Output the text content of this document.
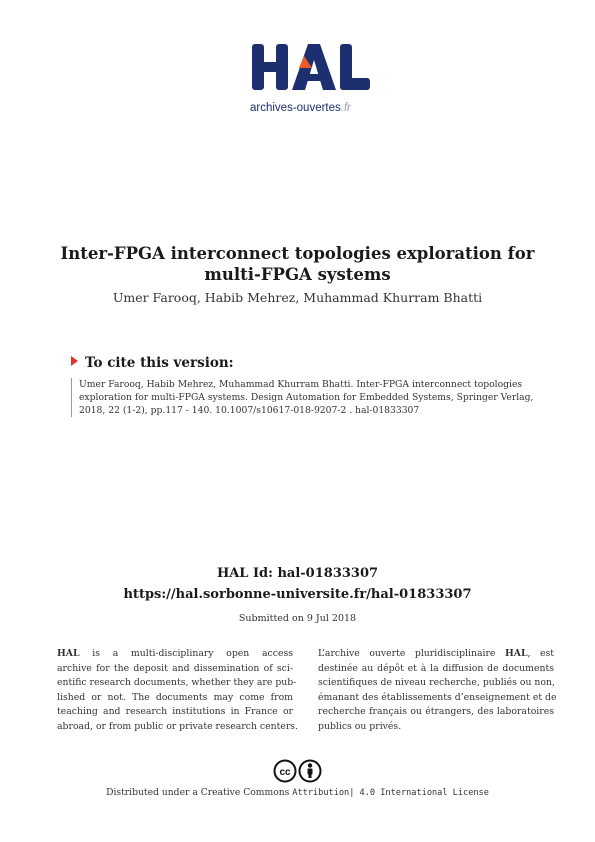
archives-ouvertes.fr
Inter-FPGA interconnect topologies exploration for
multi-FPGA systems
Umer Farooq, Habib Mehrez, Muhammad Khurram Bhatti
To cite this version:
Umer Farooq, Habib Mehrez, Muhammad Khurram Bhatti. Inter-FPGA interconnect topologies
exploration for multi-FPGA systems. Design Automation for Embedded Systems, Springer Verlag,
2018, 22 (1-2), pp.117 - 140. 10.1007/s10617-018-9207-2 . hal-01833307
HAL Id: hal-01833307
https://hal.sorbonne-universite.fr/hal-01833307
Submitted on 9 Jul 2018
HAL is a multi-disciplinary open access
archive for the deposit and dissemination of sci-
entific research documents, whether they are pub-
lished or not. The documents may come from
teaching and research institutions in France or
abroad, or from public or private research centers.
L’archive ouverte pluridisciplinaire HAL, est
destinée au dépôt et à la diffusion de documents
scientifiques de niveau recherche, publiés ou non,
émanant des établissements d’enseignement et de
recherche français ou étrangers, des laboratoires
publics ou privés.
cc
Distributed under a Creative Commons Attribution| 4.0 International License
